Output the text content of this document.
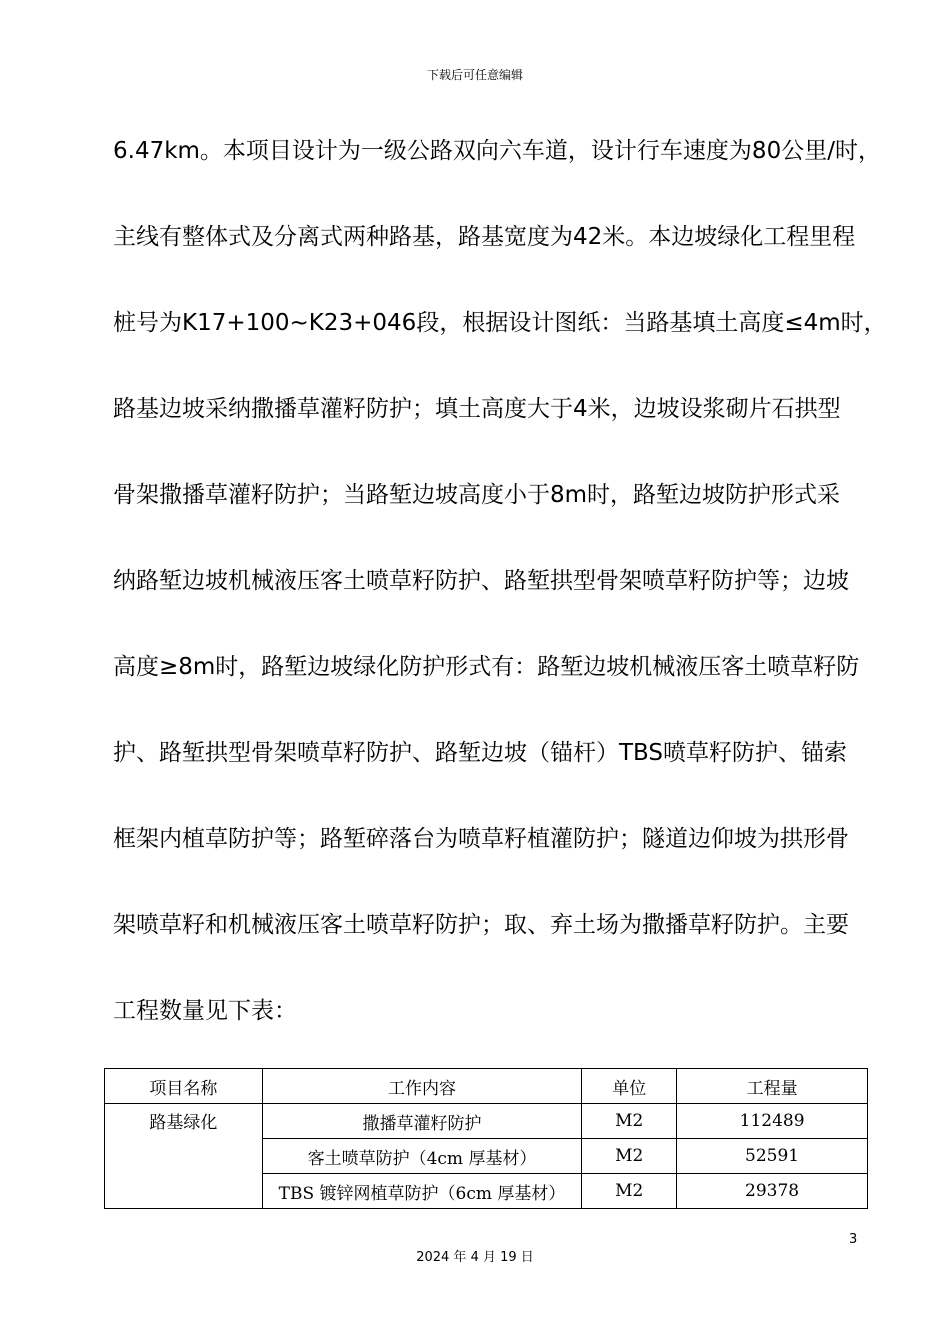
下载后可任意编辑
6.47km。本项目设计为一级公路双向六车道，设计行车速度为80公里/时，
主线有整体式及分离式两种路基，路基宽度为42米。本边坡绿化工程里程
桩号为K17+100~K23+046段，根据设计图纸：当路基填土高度≤4m时，
路基边坡采纳撒播草灌籽防护；填土高度大于4米，边坡设浆砌片石拱型
骨架撒播草灌籽防护；当路堑边坡高度小于8m时，路堑边坡防护形式采
纳路堑边坡机械液压客土喷草籽防护、路堑拱型骨架喷草籽防护等；边坡
高度≥8m时，路堑边坡绿化防护形式有：路堑边坡机械液压客土喷草籽防
护、路堑拱型骨架喷草籽防护、路堑边坡（锚杆）TBS喷草籽防护、锚索
框架内植草防护等；路堑碎落台为喷草籽植灌防护；隧道边仰坡为拱形骨
架喷草籽和机械液压客土喷草籽防护；取、弃土场为撒播草籽防护。主要
工程数量见下表：
项目名称	工作内容	单位	工程量
路基绿化	撒播草灌籽防护	M2	112489
	客土喷草防护（4cm 厚基材）	M2	52591
	TBS 镀锌网植草防护（6cm 厚基材）	M2	29378
3
2024 年 4 月 19 日
